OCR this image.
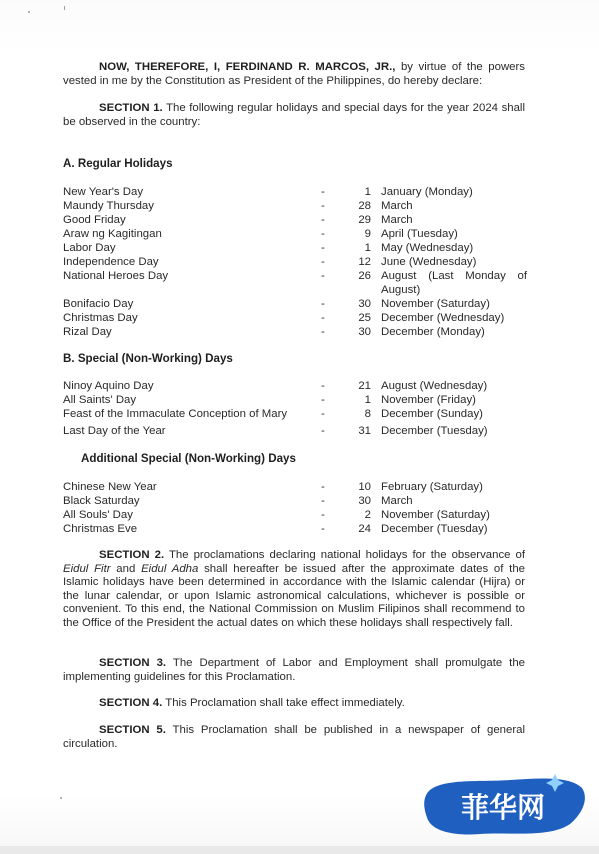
NOW, THEREFORE, I, FERDINAND R. MARCOS, JR., by virtue of the powers vested in me by the Constitution as President of the Philippines, do hereby declare:

SECTION 1. The following regular holidays and special days for the year 2024 shall be observed in the country:

A. Regular Holidays

New Year's Day	-	1 January (Monday)
Maundy Thursday	-	28 March
Good Friday	-	29 March
Araw ng Kagitingan	-	9 April (Tuesday)
Labor Day	-	1 May (Wednesday)
Independence Day	-	12 June (Wednesday)
National Heroes Day	-	26 August (Last Monday of August)
Bonifacio Day	-	30 November (Saturday)
Christmas Day	-	25 December (Wednesday)
Rizal Day	-	30 December (Monday)

B. Special (Non-Working) Days

Ninoy Aquino Day	-	21 August (Wednesday)
All Saints' Day	-	1 November (Friday)
Feast of the Immaculate Conception of Mary	-	8 December (Sunday)
Last Day of the Year	-	31 December (Tuesday)

Additional Special (Non-Working) Days

Chinese New Year	-	10 February (Saturday)
Black Saturday	-	30 March
All Souls' Day	-	2 November (Saturday)
Christmas Eve	-	24 December (Tuesday)

SECTION 2. The proclamations declaring national holidays for the observance of Eidul Fitr and Eidul Adha shall hereafter be issued after the approximate dates of the Islamic holidays have been determined in accordance with the Islamic calendar (Hijra) or the lunar calendar, or upon Islamic astronomical calculations, whichever is possible or convenient. To this end, the National Commission on Muslim Filipinos shall recommend to the Office of the President the actual dates on which these holidays shall respectively fall.

SECTION 3. The Department of Labor and Employment shall promulgate the implementing guidelines for this Proclamation.

SECTION 4. This Proclamation shall take effect immediately.

SECTION 5. This Proclamation shall be published in a newspaper of general circulation.

菲华网
